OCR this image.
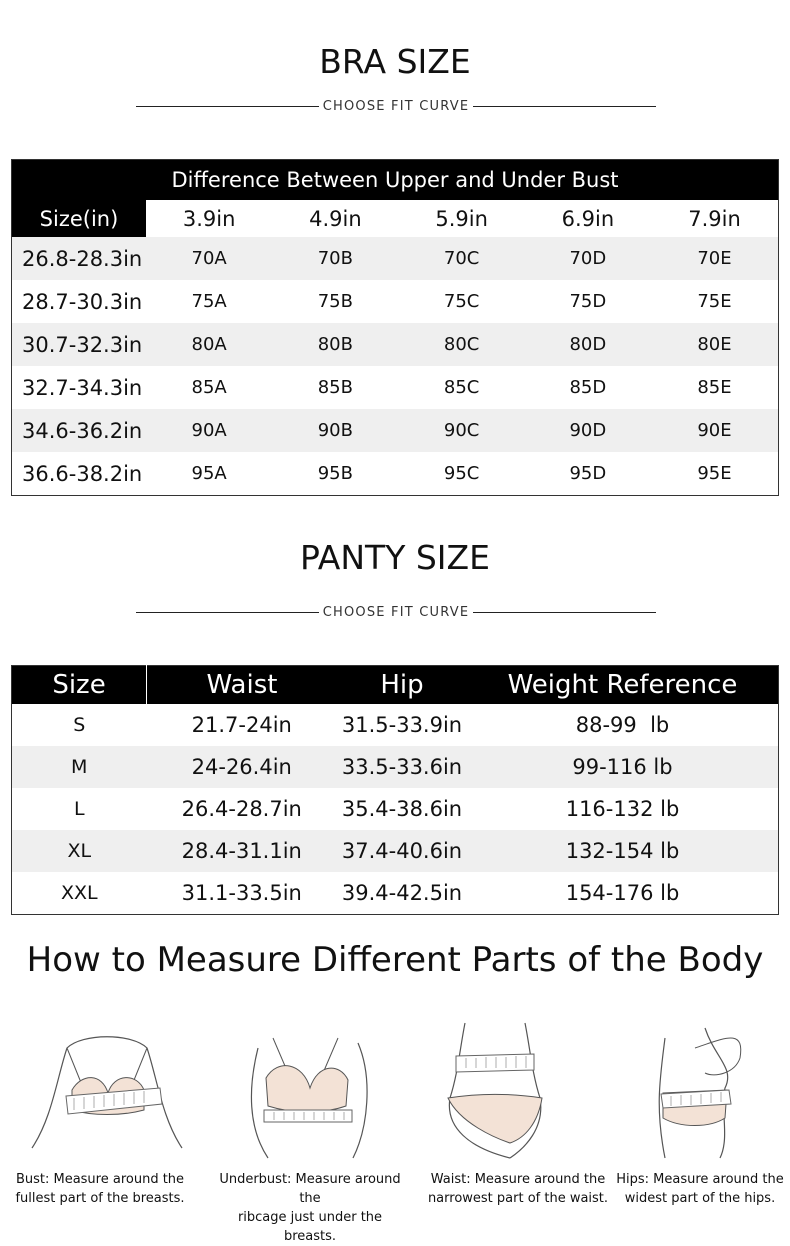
BRA SIZE
CHOOSE FIT CURVE
Difference Between Upper and Under Bust					
Size(in)	3.9in	4.9in	5.9in	6.9in	7.9in
26.8-28.3in	70A	70B	70C	70D	70E
28.7-30.3in	75A	75B	75C	75D	75E
30.7-32.3in	80A	80B	80C	80D	80E
32.7-34.3in	85A	85B	85C	85D	85E
34.6-36.2in	90A	90B	90C	90D	90E
36.6-38.2in	95A	95B	95C	95D	95E
PANTY SIZE
CHOOSE FIT CURVE
Size	Waist	Hip	Weight Reference
S	21.7-24in	31.5-33.9in	88-99  lb
M	24-26.4in	33.5-33.6in	99-116 lb
L	26.4-28.7in	35.4-38.6in	116-132 lb
XL	28.4-31.1in	37.4-40.6in	132-154 lb
XXL	31.1-33.5in	39.4-42.5in	154-176 lb
How to Measure Different Parts of the Body
Bust: Measure around the
fullest part of the breasts.
Underbust: Measure around the
ribcage just under the breasts.
Waist: Measure around the
narrowest part of the waist.
Hips: Measure around the
widest part of the hips.
